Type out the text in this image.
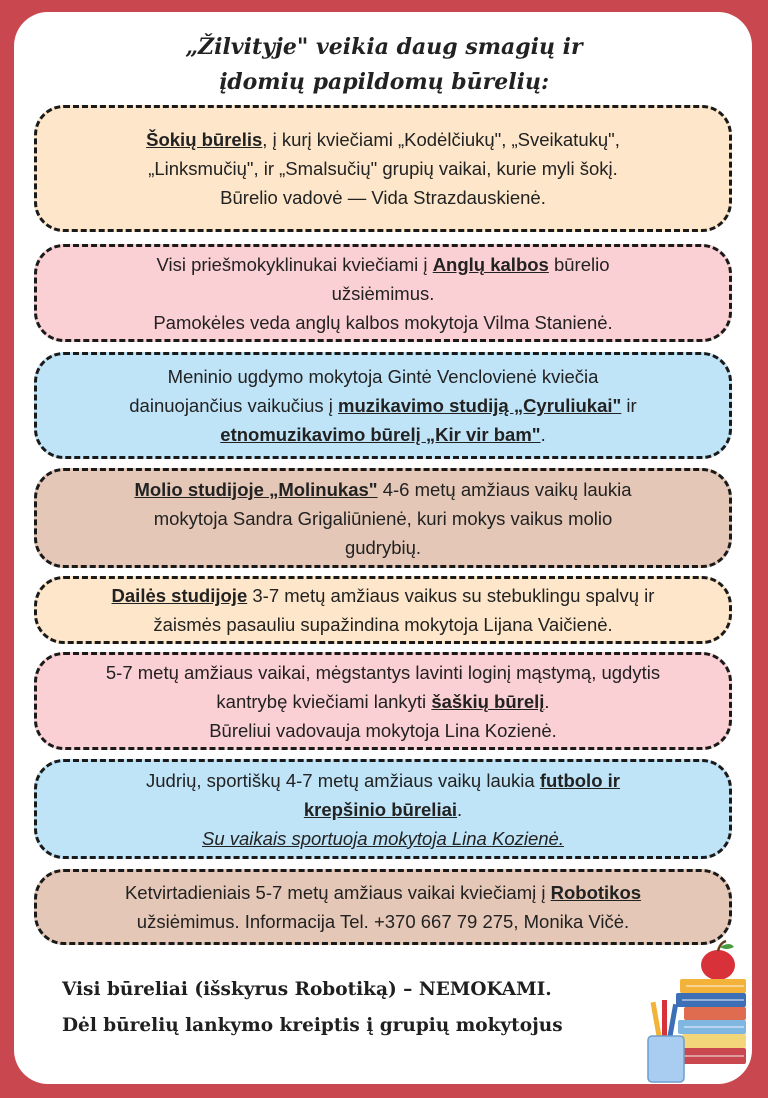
„Žilvityje" veikia daug smagių ir
įdomių papildomų būrelių:
Šokių būrelis, į kurį kviečiami „Kodėlčiukų", „Sveikatukų",
„Linksmučių", ir „Smalsučių" grupių vaikai, kurie myli šokį.
Būrelio vadovė — Vida Strazdauskienė.
Visi priešmokyklinukai kviečiami į Anglų kalbos būrelio
užsiėmimus.
Pamokėles veda anglų kalbos mokytoja Vilma Stanienė.
Meninio ugdymo mokytoja Gintė Venclovienė kviečia
dainuojančius vaikučius į muzikavimo studiją „Cyruliukai" ir
etnomuzikavimo būrelį „Kir vir bam".
Molio studijoje „Molinukas" 4-6 metų amžiaus vaikų laukia
mokytoja Sandra Grigaliūnienė, kuri mokys vaikus molio
gudrybių.
Dailės studijoje 3-7 metų amžiaus vaikus su stebuklingu spalvų ir
žaismės pasauliu supažindina mokytoja Lijana Vaičienė.
5-7 metų amžiaus vaikai, mėgstantys lavinti loginį mąstymą, ugdytis
kantrybę kviečiami lankyti šaškių būrelį.
Būreliui vadovauja mokytoja Lina Kozienė.
Judrių, sportiškų 4-7 metų amžiaus vaikų laukia futbolo ir
krepšinio būreliai.
Su vaikais sportuoja mokytoja Lina Kozienė.
Ketvirtadieniais 5-7 metų amžiaus vaikai kviečiamį į Robotikos
užsiėmimus. Informacija Tel. +370 667 79 275, Monika Vičė.
Visi būreliai (išskyrus Robotiką) – NEMOKAMI.
Dėl būrelių lankymo kreiptis į grupių mokytojus
